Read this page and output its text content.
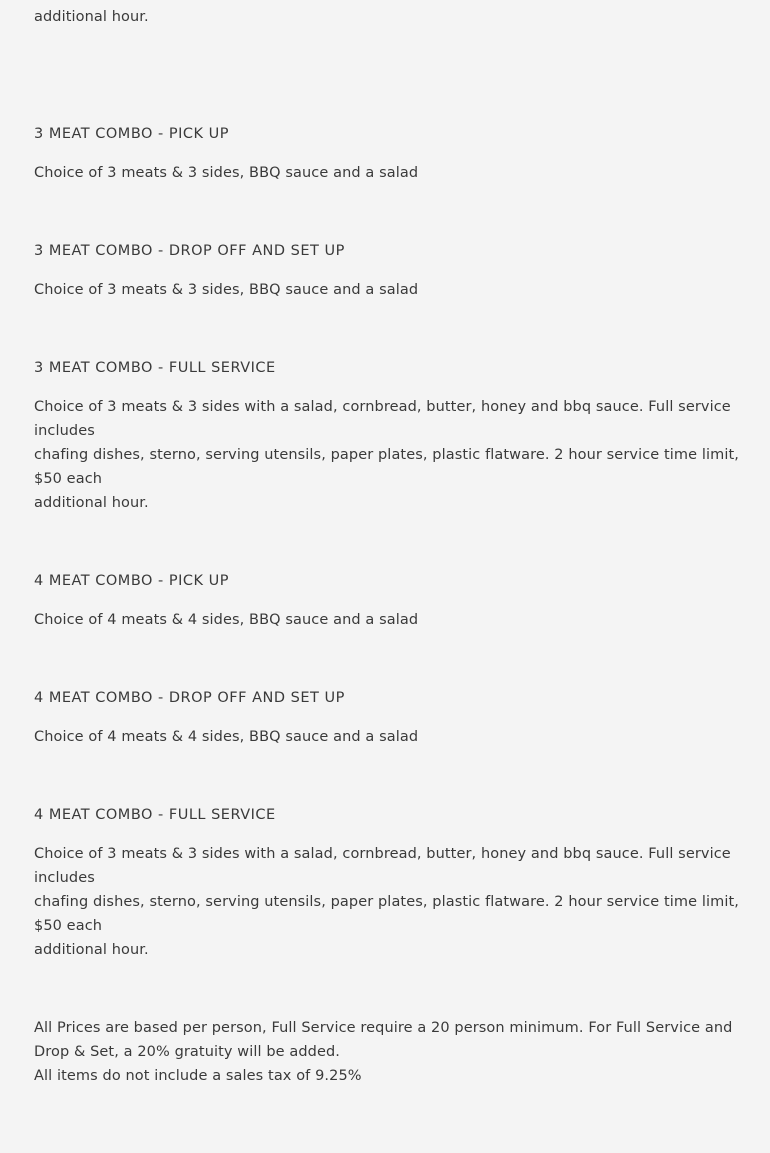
additional hour.
3 MEAT COMBO - PICK UP
Choice of 3 meats & 3 sides, BBQ sauce and a salad
3 MEAT COMBO - DROP OFF AND SET UP
Choice of 3 meats & 3 sides, BBQ sauce and a salad
3 MEAT COMBO - FULL SERVICE
Choice of 3 meats & 3 sides with a salad, cornbread, butter, honey and bbq sauce. Full service
includes
chafing dishes, sterno, serving utensils, paper plates, plastic flatware. 2 hour service time limit,
$50 each
additional hour.
4 MEAT COMBO - PICK UP
Choice of 4 meats & 4 sides, BBQ sauce and a salad
4 MEAT COMBO - DROP OFF AND SET UP
Choice of 4 meats & 4 sides, BBQ sauce and a salad
4 MEAT COMBO - FULL SERVICE
Choice of 3 meats & 3 sides with a salad, cornbread, butter, honey and bbq sauce. Full service
includes
chafing dishes, sterno, serving utensils, paper plates, plastic flatware. 2 hour service time limit,
$50 each
additional hour.
All Prices are based per person, Full Service require a 20 person minimum. For Full Service and
Drop & Set, a 20% gratuity will be added.
All items do not include a sales tax of 9.25%
